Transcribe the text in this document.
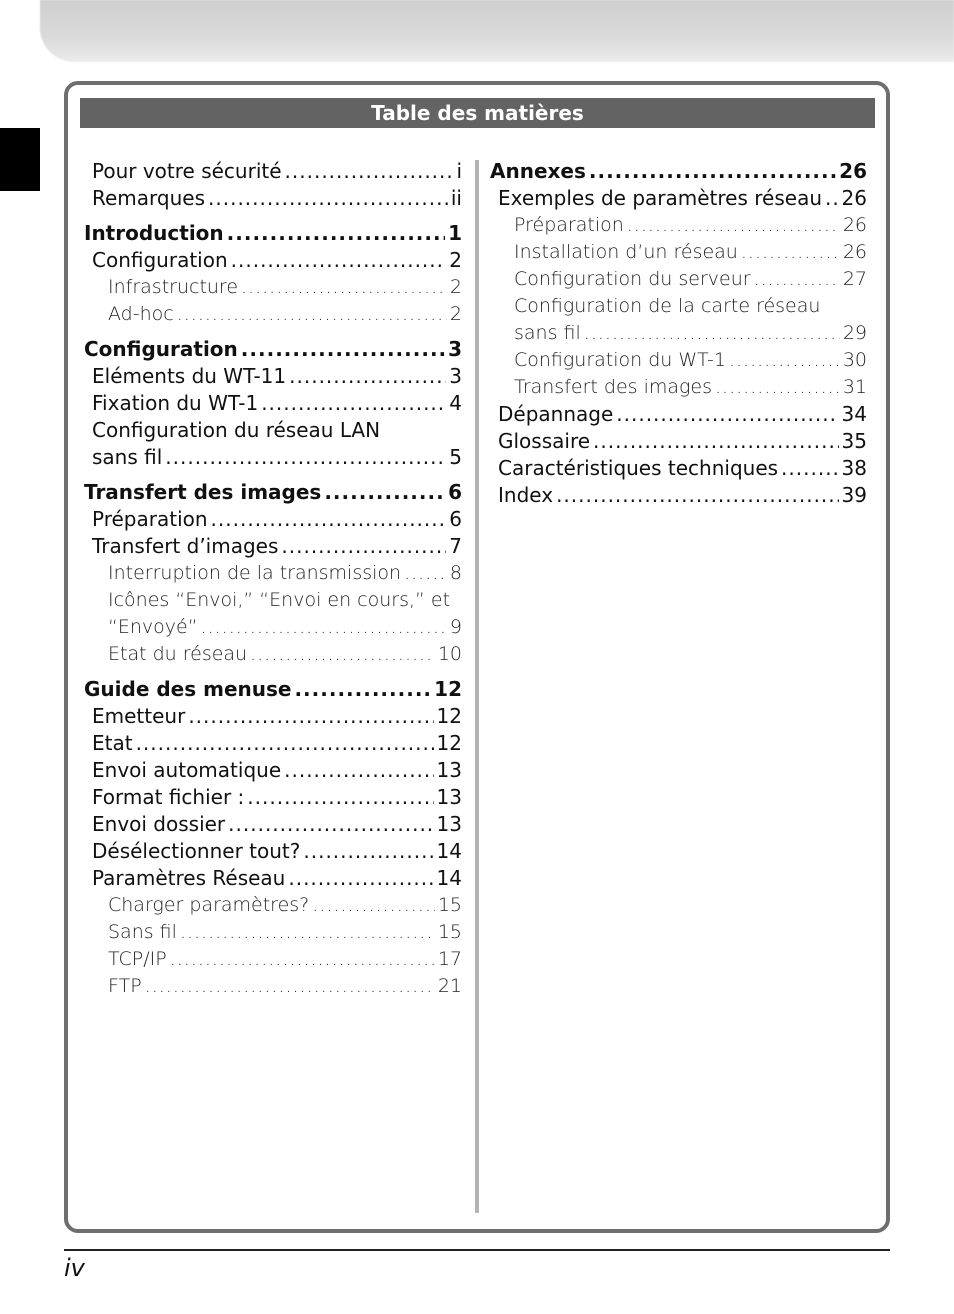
Table des matières
Pour votre sécurité .....	i
Remarques .....	ii
Introduction .....	1
Configuration .....	2
Infrastructure .....	2
Ad-hoc .....	2
Configuration .....	3
Eléments du WT-11 .....	3
Fixation du WT-1 .....	4
Configuration du réseau LAN
sans fil .....	5
Transfert des images .....	6
Préparation .....	6
Transfert d’images .....	7
Interruption de la transmission .....	8
Icônes “Envoi,” “Envoi en cours,” et
“Envoyé” .....	9
Etat du réseau .....	10
Guide des menuse .....	12
Emetteur .....	12
Etat .....	12
Envoi automatique .....	13
Format fichier : .....	13
Envoi dossier .....	13
Désélectionner tout? .....	14
Paramètres Réseau .....	14
Charger paramètres? .....	15
Sans fil .....	15
TCP/IP .....	17
FTP .....	21
Annexes .....	26
Exemples de paramètres réseau ..... 26
Préparation .....	26
Installation d’un réseau .....	26
Configuration du serveur .....	27
Configuration de la carte réseau
sans fil .....	29
Configuration du WT-1 .....	30
Transfert des images .....	31
Dépannage .....	34
Glossaire .....	35
Caractéristiques techniques .....	38
Index .....	39
iv
